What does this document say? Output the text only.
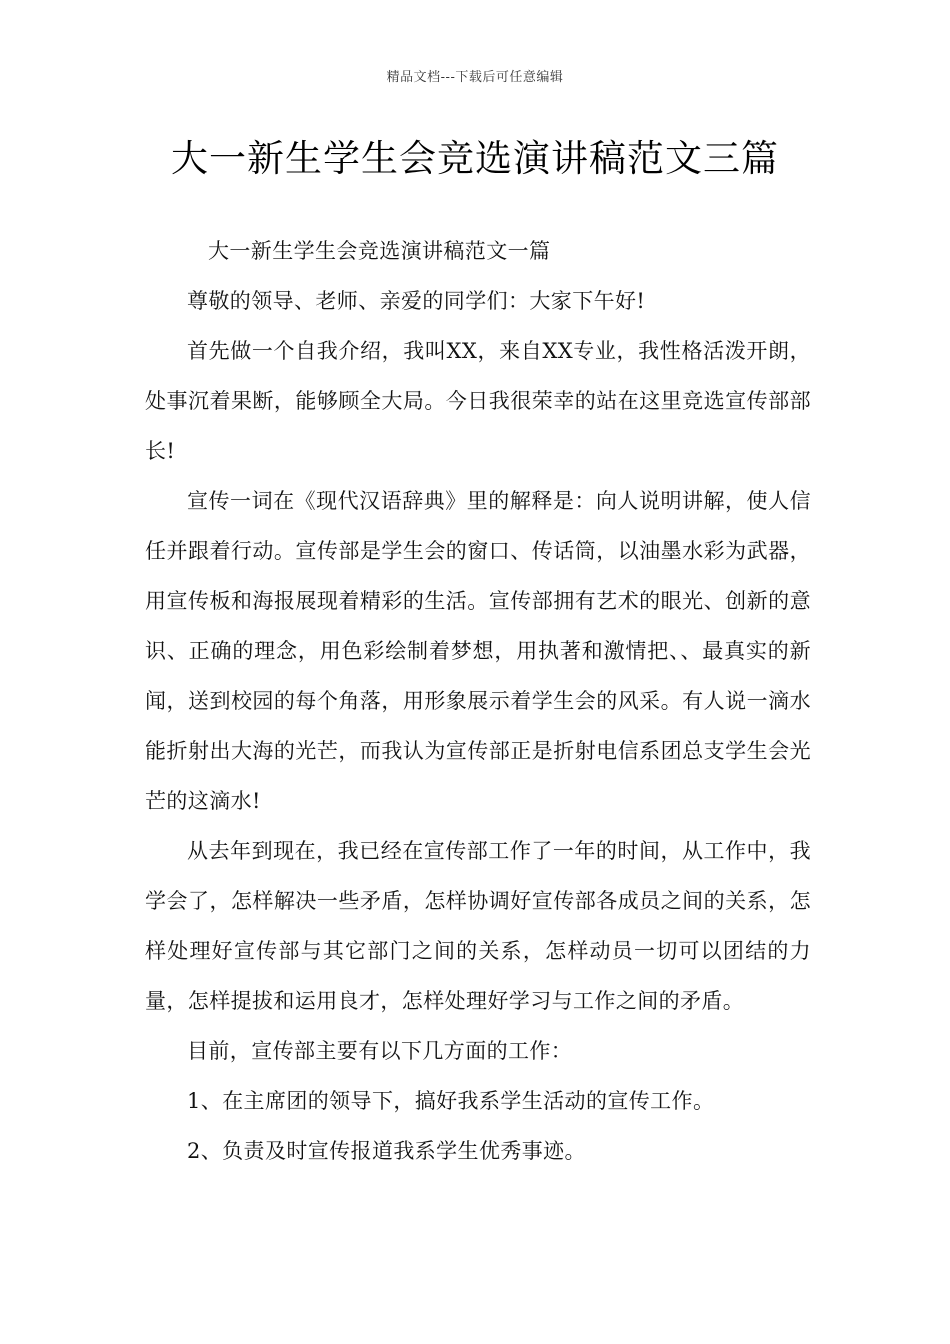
精品文档---下载后可任意编辑
大一新生学生会竞选演讲稿范文三篇

大一新生学生会竞选演讲稿范文一篇

尊敬的领导、老师、亲爱的同学们：大家下午好!

首先做一个自我介绍，我叫XX，来自XX专业，我性格活泼开朗，处事沉着果断，能够顾全大局。今日我很荣幸的站在这里竞选宣传部部长!

宣传一词在《现代汉语辞典》里的解释是：向人说明讲解，使人信任并跟着行动。宣传部是学生会的窗口、传话筒，以油墨水彩为武器，用宣传板和海报展现着精彩的生活。宣传部拥有艺术的眼光、创新的意识、正确的理念，用色彩绘制着梦想，用执著和激情把、、最真实的新闻，送到校园的每个角落，用形象展示着学生会的风采。有人说一滴水能折射出大海的光芒，而我认为宣传部正是折射电信系团总支学生会光芒的这滴水!

从去年到现在，我已经在宣传部工作了一年的时间，从工作中，我学会了，怎样解决一些矛盾，怎样协调好宣传部各成员之间的关系，怎样处理好宣传部与其它部门之间的关系，怎样动员一切可以团结的力量，怎样提拔和运用良才，怎样处理好学习与工作之间的矛盾。

目前，宣传部主要有以下几方面的工作：

1、在主席团的领导下，搞好我系学生活动的宣传工作。

2、负责及时宣传报道我系学生优秀事迹。
